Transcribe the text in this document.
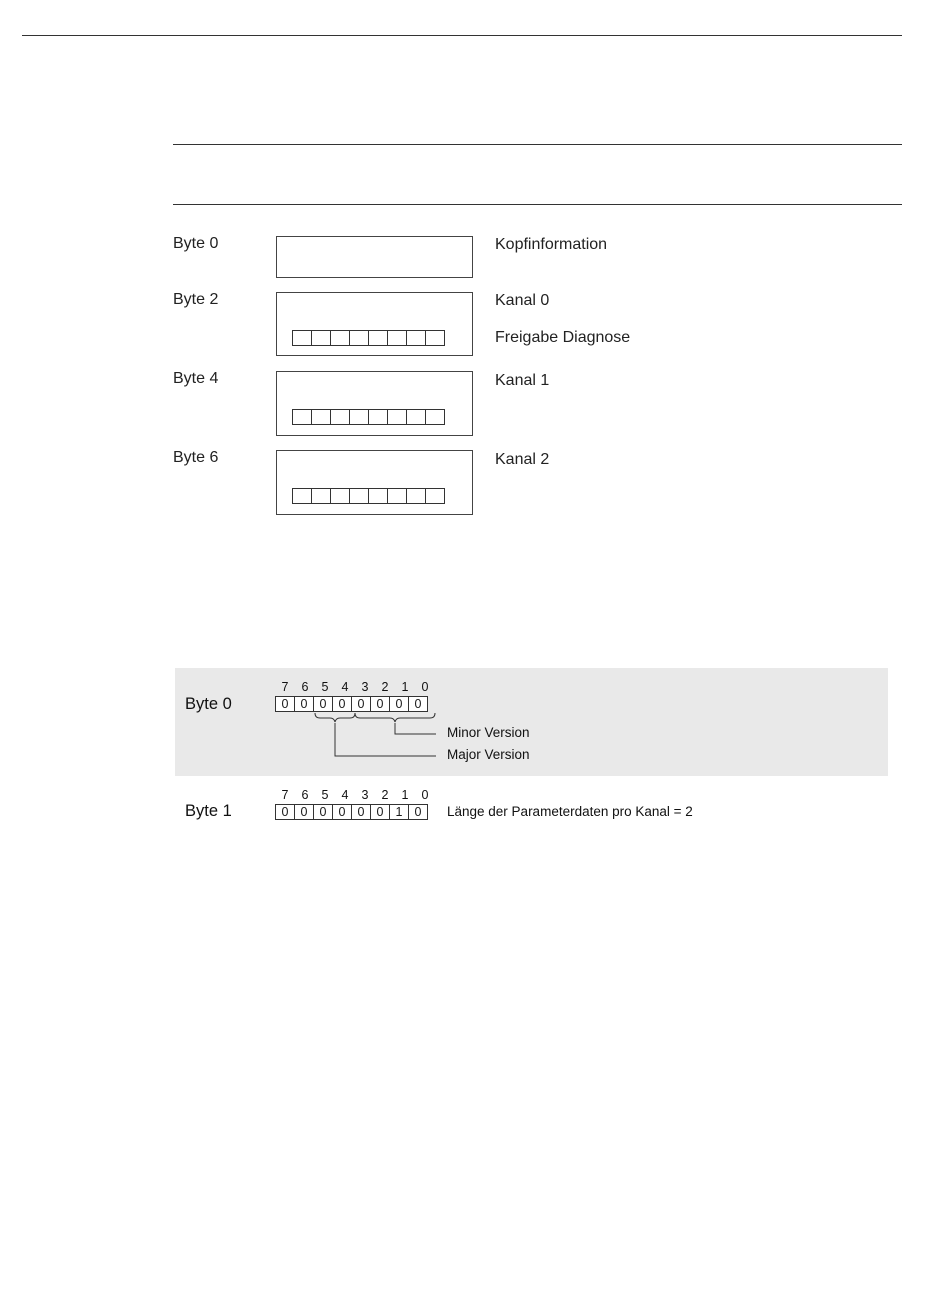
Byte 0	Kopfinformation
Byte 2	Kanal 0
Freigabe Diagnose
Byte 4	Kanal 1
Byte 6	Kanal 2
Byte 0
7	6	5	4	3	2	1	0
0 0 0 0 0 0 0 0
Minor Version
Major Version
Byte 1
7	6	5	4	3	2	1	0
0 0 0 0 0 0 1 0	Länge der Parameterdaten pro Kanal = 2
